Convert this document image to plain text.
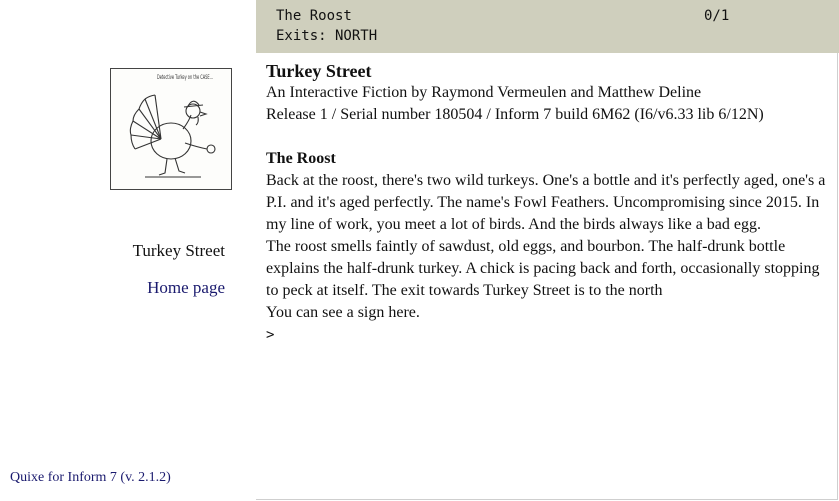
Detective Turkey on the CASE...
Turkey Street
Home page
Quixe for Inform 7 (v. 2.1.2)
The Roost	0/1
Exits: NORTH

Turkey Street

An Interactive Fiction by Raymond Vermeulen and Matthew Deline

Release 1 / Serial number 180504 / Inform 7 build 6M62 (I6/v6.33 lib 6/12N)

The Roost

Back at the roost, there's two wild turkeys. One's a bottle and it's perfectly aged, one's a P.I. and it's aged perfectly. The name's Fowl Feathers. Uncompromising since 2015. In my line of work, you meet a lot of birds. And the birds always like a bad egg.

The roost smells faintly of sawdust, old eggs, and bourbon. The half-drunk bottle explains the half-drunk turkey. A chick is pacing back and forth, occasionally stopping to peck at itself. The exit towards Turkey Street is to the north

You can see a sign here.

>
